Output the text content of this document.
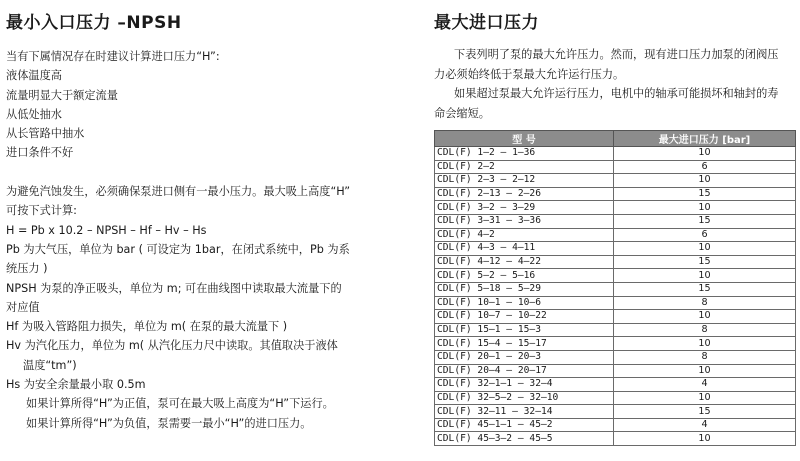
最小入口压力 –NPSH
当有下属情况存在时建议计算进口压力“H”:
液体温度高
流量明显大于额定流量
从低处抽水
从长管路中抽水
进口条件不好
为避免汽蚀发生，必须确保泵进口侧有一最小压力。最大吸上高度“H”
可按下式计算:
H = Pb x 10.2 – NPSH – Hf – Hv – Hs
Pb 为大气压，单位为 bar ( 可设定为 1bar，在闭式系统中，Pb 为系
统压力 )
NPSH 为泵的净正吸头，单位为 m; 可在曲线图中读取最大流量下的
对应值
Hf 为吸入管路阻力损失，单位为 m( 在泵的最大流量下 )
Hv 为汽化压力，单位为 m( 从汽化压力尺中读取。其值取决于液体
温度“tm”)
Hs 为安全余量最小取 0.5m
如果计算所得“H”为正值，泵可在最大吸上高度为“H”下运行。
如果计算所得“H”为负值，泵需要一最小“H”的进口压力。
最大进口压力
下表列明了泵的最大允许压力。然而，现有进口压力加泵的闭阀压
力必须始终低于泵最大允许运行压力。
如果超过泵最大允许运行压力，电机中的轴承可能损坏和轴封的寿
命会缩短。
型 号	最大进口压力 [bar]
CDL(F) 1–2 – 1–36	10
CDL(F) 2–2	6
CDL(F) 2–3 – 2–12	10
CDL(F) 2–13 – 2–26	15
CDL(F) 3–2 – 3–29	10
CDL(F) 3–31 – 3–36	15
CDL(F) 4–2	6
CDL(F) 4–3 – 4–11	10
CDL(F) 4–12 – 4–22	15
CDL(F) 5–2 – 5–16	10
CDL(F) 5–18 – 5–29	15
CDL(F) 10–1 – 10–6	8
CDL(F) 10–7 – 10–22	10
CDL(F) 15–1 – 15–3	8
CDL(F) 15–4 – 15–17	10
CDL(F) 20–1 – 20–3	8
CDL(F) 20–4 – 20–17	10
CDL(F) 32–1–1 – 32–4	4
CDL(F) 32–5–2 – 32–10	10
CDL(F) 32–11 – 32–14	15
CDL(F) 45–1–1 – 45–2	4
CDL(F) 45–3–2 – 45–5	10
